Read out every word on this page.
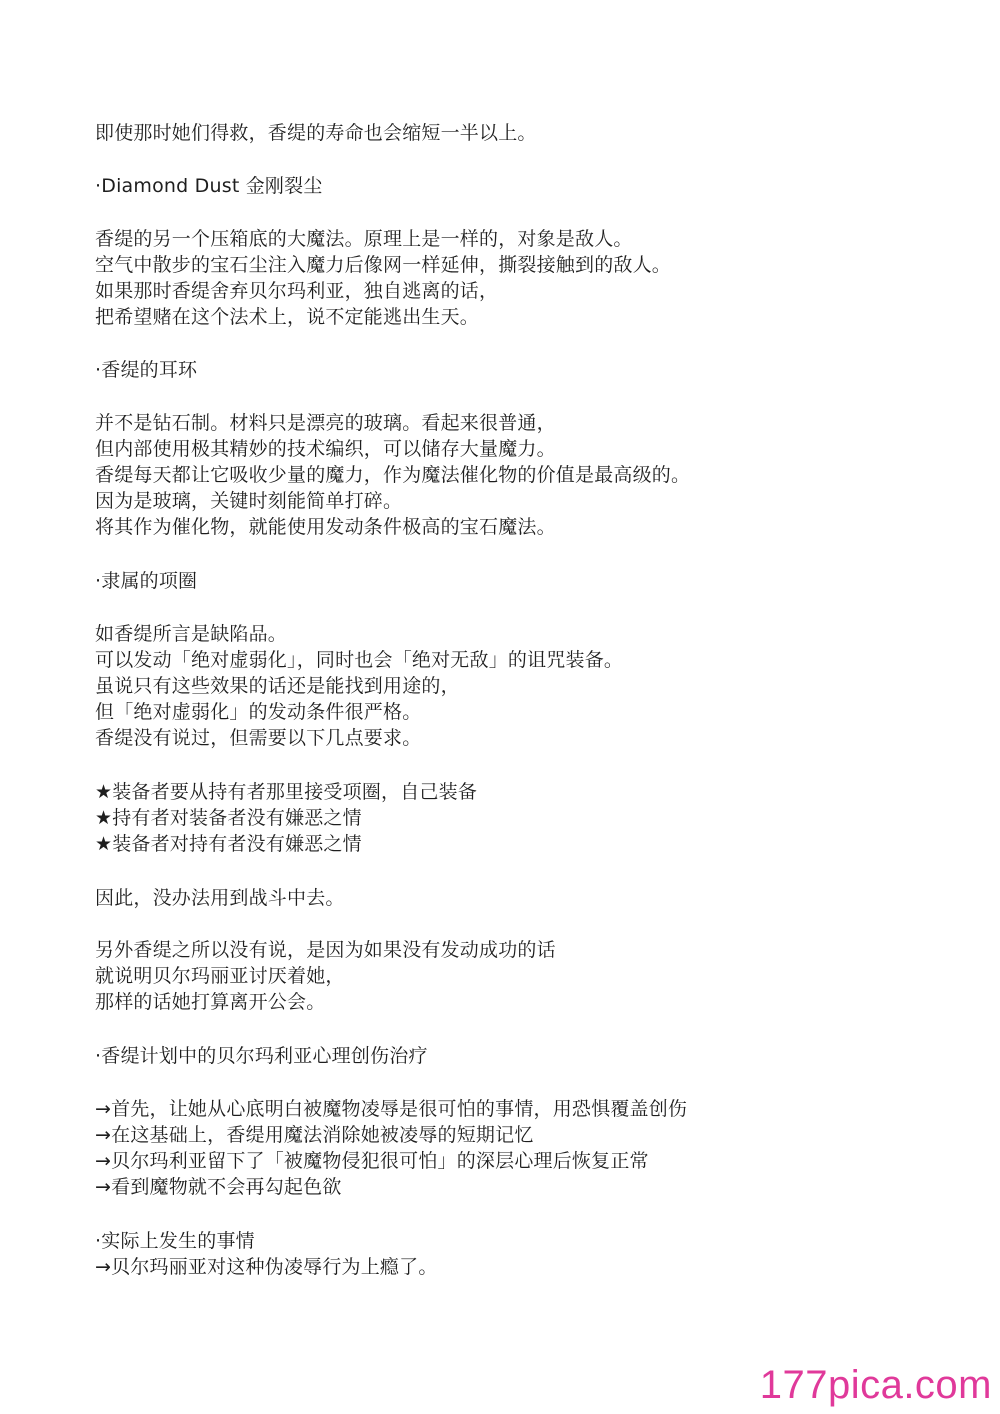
即使那时她们得救，香缇的寿命也会缩短一半以上。
·Diamond Dust 金刚裂尘
香缇的另一个压箱底的大魔法。原理上是一样的，对象是敌人。
空气中散步的宝石尘注入魔力后像网一样延伸，撕裂接触到的敌人。
如果那时香缇舍弃贝尔玛利亚，独自逃离的话，
把希望赌在这个法术上，说不定能逃出生天。
·香缇的耳环
并不是钻石制。材料只是漂亮的玻璃。看起来很普通，
但内部使用极其精妙的技术编织，可以储存大量魔力。
香缇每天都让它吸收少量的魔力，作为魔法催化物的价值是最高级的。
因为是玻璃，关键时刻能简单打碎。
将其作为催化物，就能使用发动条件极高的宝石魔法。
·隶属的项圈
如香缇所言是缺陷品。
可以发动「绝对虚弱化」，同时也会「绝对无敌」的诅咒装备。
虽说只有这些效果的话还是能找到用途的，
但「绝对虚弱化」的发动条件很严格。
香缇没有说过，但需要以下几点要求。
★装备者要从持有者那里接受项圈，自己装备
★持有者对装备者没有嫌恶之情
★装备者对持有者没有嫌恶之情
因此，没办法用到战斗中去。
另外香缇之所以没有说，是因为如果没有发动成功的话
就说明贝尔玛丽亚讨厌着她，
那样的话她打算离开公会。
·香缇计划中的贝尔玛利亚心理创伤治疗
→首先，让她从心底明白被魔物凌辱是很可怕的事情，用恐惧覆盖创伤
→在这基础上，香缇用魔法消除她被凌辱的短期记忆
→贝尔玛利亚留下了「被魔物侵犯很可怕」的深层心理后恢复正常
→看到魔物就不会再勾起色欲
·实际上发生的事情
→贝尔玛丽亚对这种伪凌辱行为上瘾了。
177pica.com
